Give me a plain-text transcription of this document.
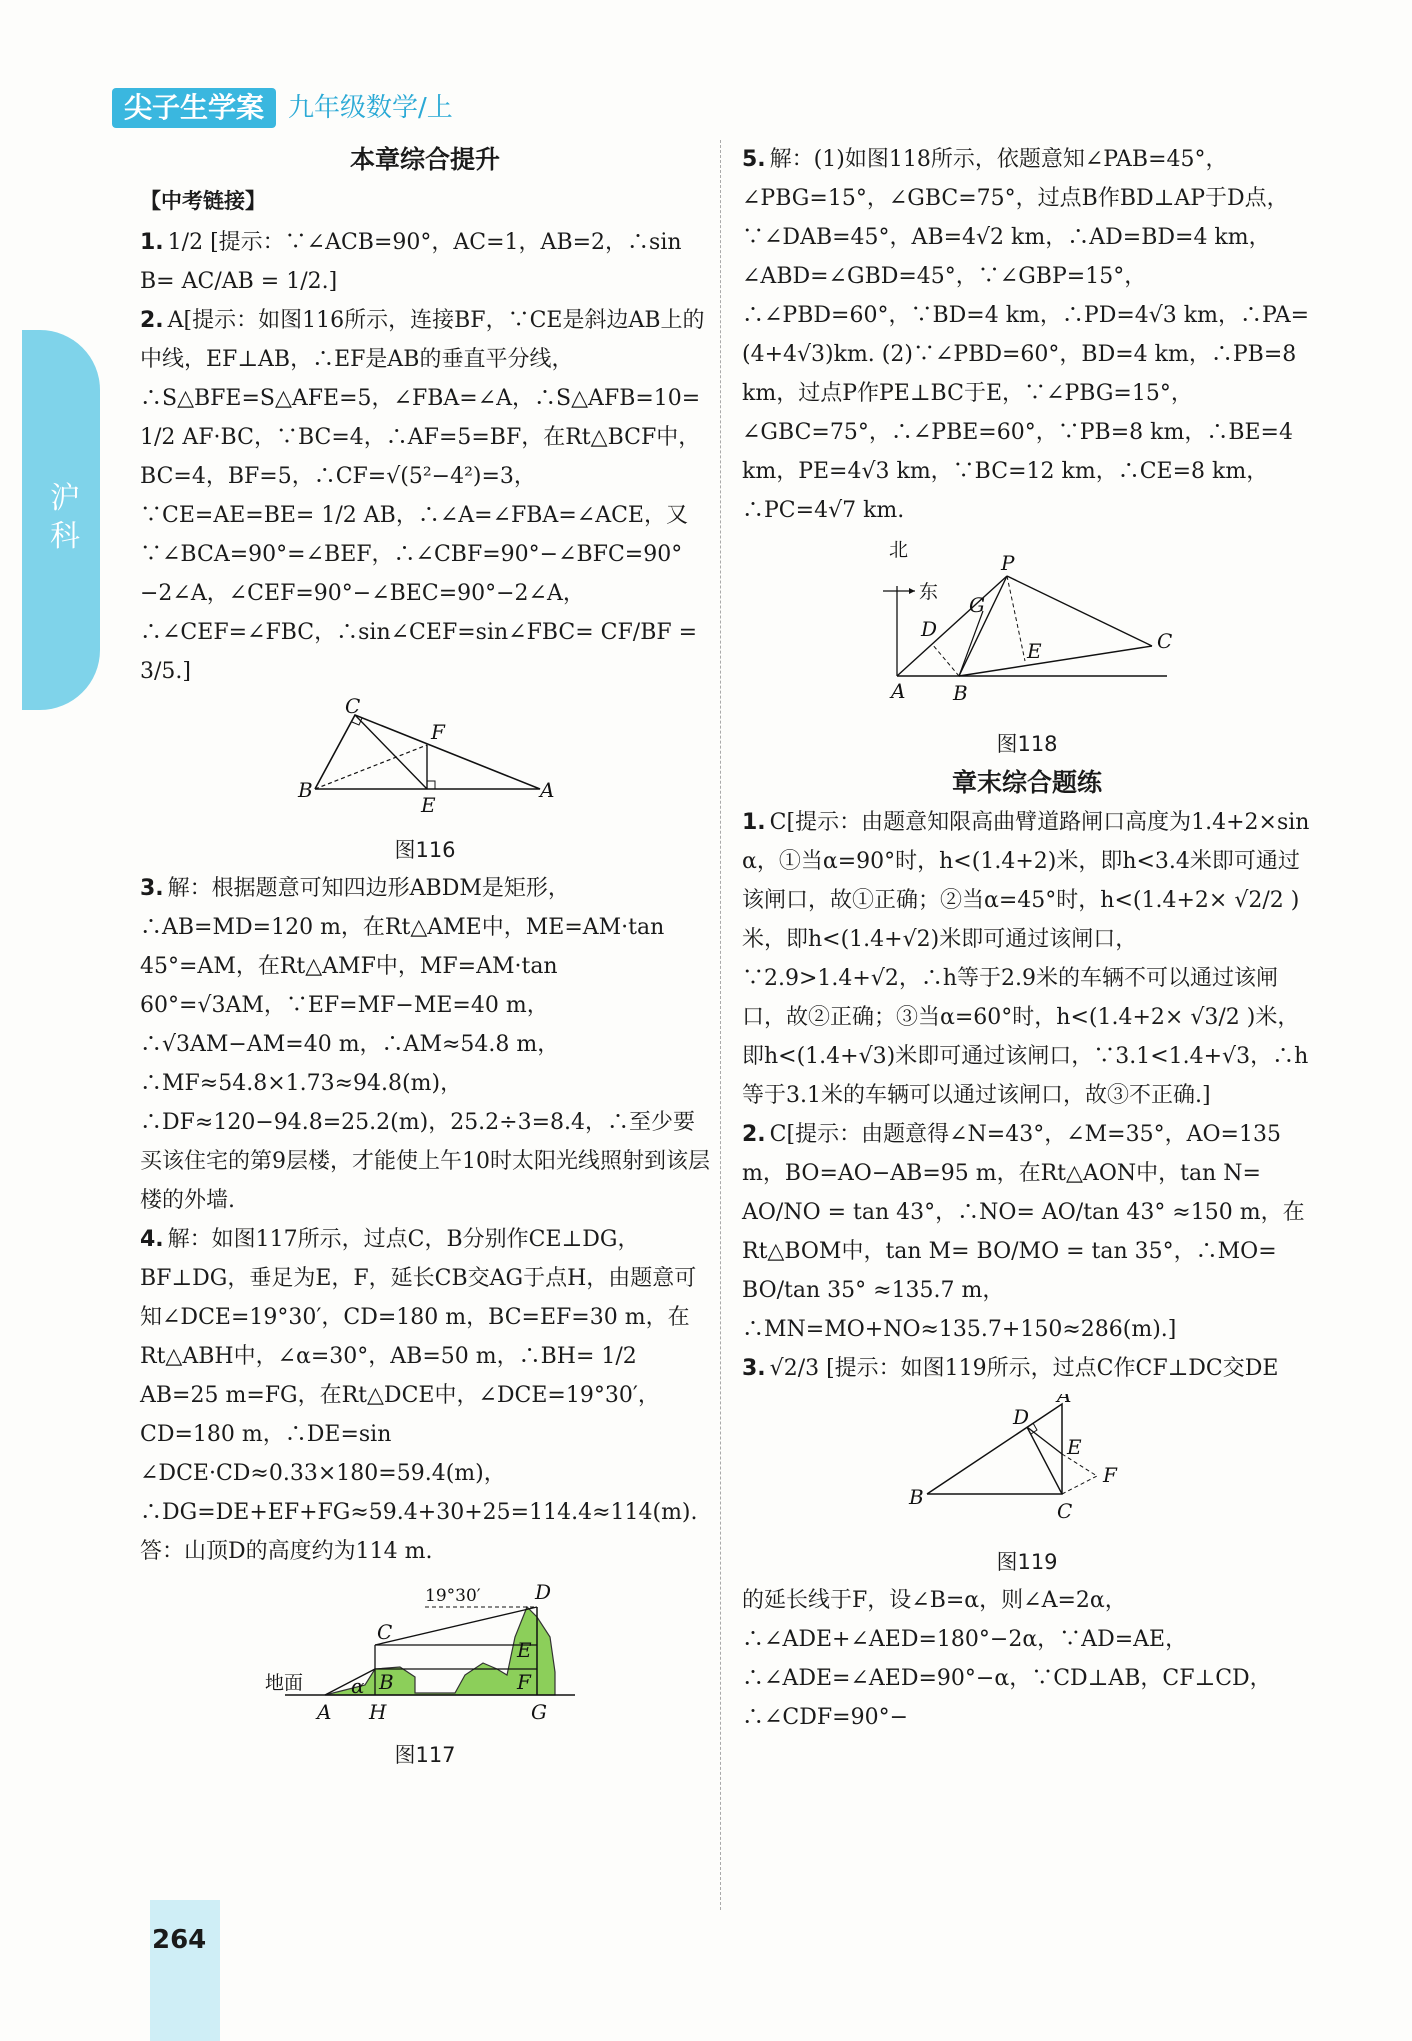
沪科
264
尖子生学案 九年级数学/上
本章综合提升
【中考链接】

1. 1/2 [提示：∵∠ACB=90°，AC=1，AB=2，∴sin B= AC/AB = 1/2.]

2. A[提示：如图116所示，连接BF，∵CE是斜边AB上的中线，EF⊥AB，∴EF是AB的垂直平分线，∴S△BFE=S△AFE=5，∠FBA=∠A，∴S△AFB=10= 1/2 AF·BC，∵BC=4，∴AF=5=BF，在Rt△BCF中，BC=4，BF=5，∴CF=√(5²−4²)=3，∵CE=AE=BE= 1/2 AB，∴∠A=∠FBA=∠ACE，又∵∠BCA=90°=∠BEF，∴∠CBF=90°−∠BFC=90°−2∠A，∠CEF=90°−∠BEC=90°−2∠A，∴∠CEF=∠FBC，∴sin∠CEF=sin∠FBC= CF/BF = 3/5.]

C
F
B
E
A
图116

3. 解：根据题意可知四边形ABDM是矩形，∴AB=MD=120 m，在Rt△AME中，ME=AM·tan 45°=AM，在Rt△AMF中，MF=AM·tan 60°=√3AM，∵EF=MF−ME=40 m，∴√3AM−AM=40 m，∴AM≈54.8 m，∴MF≈54.8×1.73≈94.8(m)，∴DF≈120−94.8=25.2(m)，25.2÷3=8.4，∴至少要买该住宅的第9层楼，才能使上午10时太阳光线照射到该层楼的外墙.

4. 解：如图117所示，过点C，B分别作CE⊥DG，BF⊥DG，垂足为E，F，延长CB交AG于点H，由题意可知∠DCE=19°30′，CD=180 m，BC=EF=30 m，在Rt△ABH中，∠α=30°，AB=50 m，∴BH= 1/2 AB=25 m=FG，在Rt△DCE中，∠DCE=19°30′，CD=180 m，∴DE=sin ∠DCE·CD≈0.33×180=59.4(m)，∴DG=DE+EF+FG≈59.4+30+25=114.4≈114(m). 答：山顶D的高度约为114 m.

D
19°30′
C
E
地面 α B	F
A H	G
图117

5. 解：(1)如图118所示，依题意知∠PAB=45°，∠PBG=15°，∠GBC=75°，过点B作BD⊥AP于D点，∵∠DAB=45°，AB=4√2 km，∴AD=BD=4 km，∠ABD=∠GBD=45°，∵∠GBP=15°，∴∠PBD=60°，∵BD=4 km，∴PD=4√3 km，∴PA=(4+4√3)km. (2)∵∠PBD=60°，BD=4 km，∴PB=8 km，过点P作PE⊥BC于E，∵∠PBG=15°，∠GBC=75°，∴∠PBE=60°，∵PB=8 km，∴BE=4 km，PE=4√3 km，∵BC=12 km，∴CE=8 km，∴PC=4√7 km.

北
东
P
G
D
E	C
A B
图118
章末综合题练

1. C[提示：由题意知限高曲臂道路闸口高度为1.4+2×sin α，①当α=90°时，h<(1.4+2)米，即h<3.4米即可通过该闸口，故①正确；②当α=45°时，h<(1.4+2× √2/2 )米，即h<(1.4+√2)米即可通过该闸口，∵2.9>1.4+√2，∴h等于2.9米的车辆不可以通过该闸口，故②正确；③当α=60°时，h<(1.4+2× √3/2 )米，即h<(1.4+√3)米即可通过该闸口，∵3.1<1.4+√3，∴h等于3.1米的车辆可以通过该闸口，故③不正确.]

2. C[提示：由题意得∠N=43°，∠M=35°，AO=135 m，BO=AO−AB=95 m，在Rt△AON中，tan N= AO/NO = tan 43°，∴NO= AO/tan 43° ≈150 m，在Rt△BOM中，tan M= BO/MO = tan 35°，∴MO= BO/tan 35° ≈135.7 m，∴MN=MO+NO≈135.7+150≈286(m).]

3. √2/3 [提示：如图119所示，过点C作CF⊥DC交DE

A
D
E
F
B
C
图119

的延长线于F，设∠B=α，则∠A=2α，∴∠ADE+∠AED=180°−2α，∵AD=AE，∴∠ADE=∠AED=90°−α，∵CD⊥AB，CF⊥CD，∴∠CDF=90°−
